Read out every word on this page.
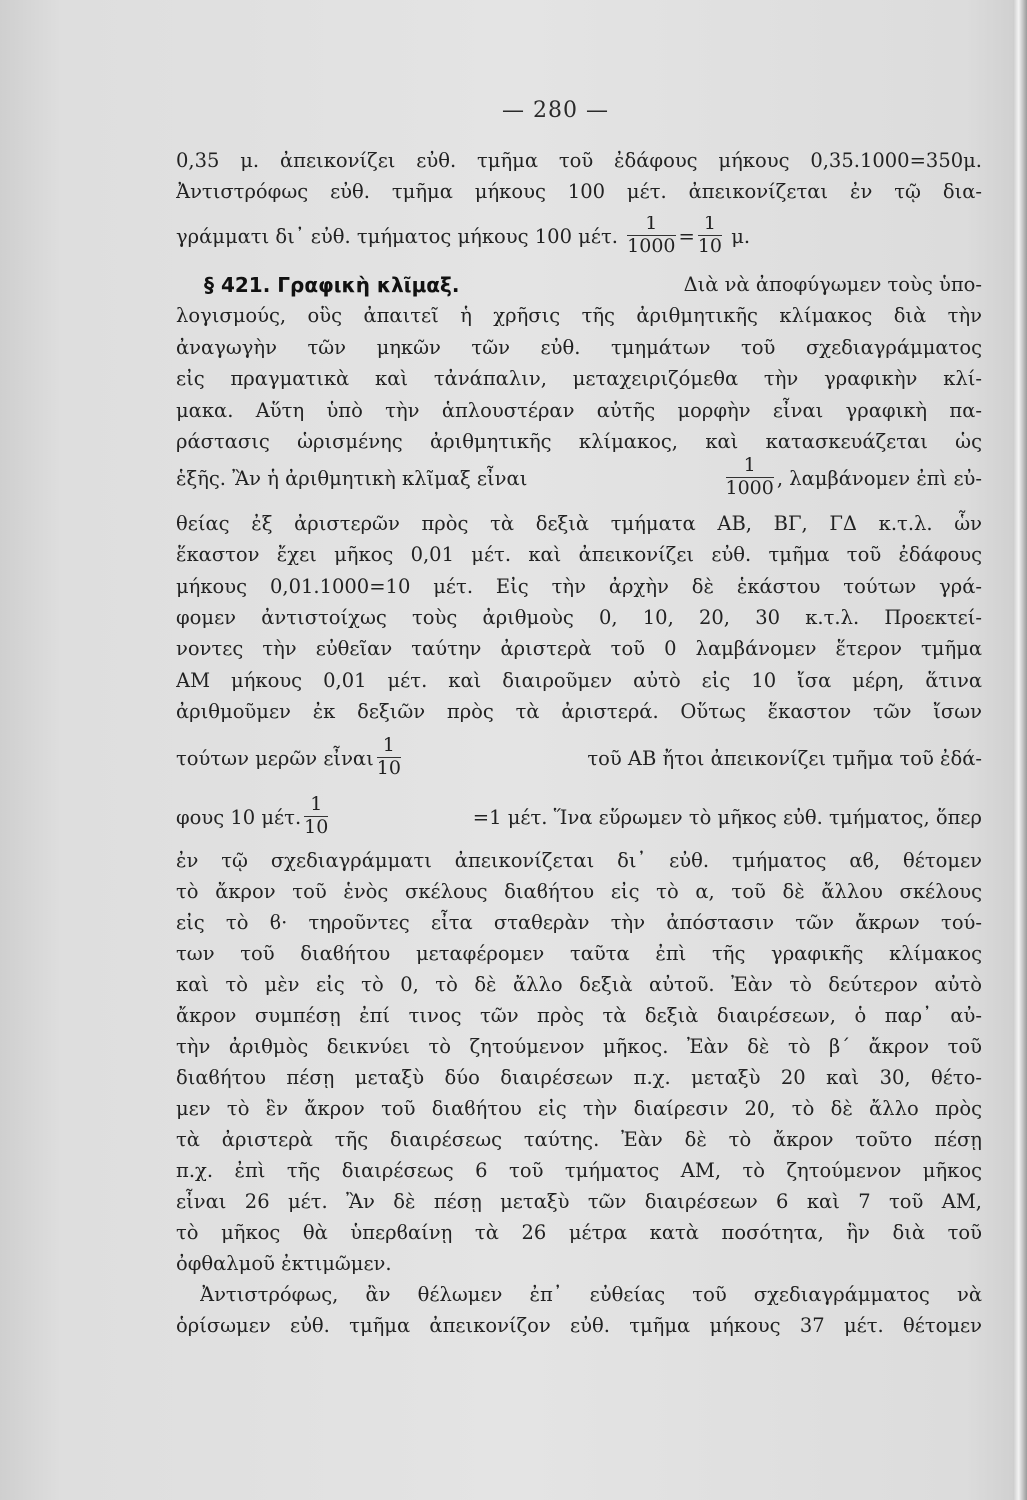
— 280 —
0,35 μ. ἀπεικονίζει εὐθ. τμῆμα τοῦ ἐδάφους μήκους 0,35.1000=350μ.
Ἀντιστρόφως εὐθ. τμῆμα μήκους 100 μέτ. ἀπεικονίζεται ἐν τῷ δια-
γράμματι δι᾽ εὐθ. τμήματος μήκους 100 μέτ. $\frac{1}{1000} = \frac{1}{10} \mu$.
§ 421. Γραφικὴ κλῖμαξ.	Διὰ νὰ ἀποφύγωμεν τοὺς ὑπο-
λογισμούς, οὓς ἀπαιτεῖ ἡ χρῆσις τῆς ἀριθμητικῆς κλίμακος διὰ τὴν
ἀναγωγὴν τῶν μηκῶν τῶν εὐθ. τμημάτων τοῦ σχεδιαγράμματος
εἰς πραγματικὰ καὶ τἀνάπαλιν, μεταχειριζόμεθα τὴν γραφικὴν κλί-
μακα. Αὕτη ὑπὸ τὴν ἁπλουστέραν αὐτῆς μορφὴν εἶναι γραφικὴ πα-
ράστασις ὡρισμένης ἀριθμητικῆς κλίμακος, καὶ κατασκευάζεται ὡς
ἑξῆς. Ἂν ἡ ἀριθμητικὴ κλῖμαξ εἶναι	$\frac{1}{1000}$ , λαμβάνομεν ἐπὶ εὐ-
θείας ἐξ ἀριστερῶν πρὸς τὰ δεξιὰ τμήματα ΑΒ, ΒΓ, ΓΔ κ.τ.λ. ὧν
ἕκαστον ἔχει μῆκος 0,01 μέτ. καὶ ἀπεικονίζει εὐθ. τμῆμα τοῦ ἐδάφους
μήκους 0,01.1000=10 μέτ. Εἰς τὴν ἀρχὴν δὲ ἑκάστου τούτων γρά-
φομεν ἀντιστοίχως τοὺς ἀριθμοὺς 0, 10, 20, 30 κ.τ.λ. Προεκτεί-
νοντες τὴν εὐθεῖαν ταύτην ἀριστερὰ τοῦ 0 λαμβάνομεν ἕτερον τμῆμα
ΑΜ μήκους 0,01 μέτ. καὶ διαιροῦμεν αὐτὸ εἰς 10 ἴσα μέρη, ἅτινα
ἀριθμοῦμεν ἐκ δεξιῶν πρὸς τὰ ἀριστερά. Οὕτως ἕκαστον τῶν ἴσων
τούτων μερῶν εἶναι $\frac{1}{10}$	τοῦ ΑΒ ἤτοι ἀπεικονίζει τμῆμα τοῦ ἐδά-
φους 10 μέτ. $\frac{1}{10}$	=1 μέτ. Ἵνα εὕρωμεν τὸ μῆκος εὐθ. τμήματος, ὅπερ
ἐν τῷ σχεδιαγράμματι ἀπεικονίζεται δι᾽ εὐθ. τμήματος αϐ, θέτομεν
τὸ ἄκρον τοῦ ἑνὸς σκέλους διαϐήτου εἰς τὸ α, τοῦ δὲ ἄλλου σκέλους
εἰς τὸ ϐ· τηροῦντες εἶτα σταθερὰν τὴν ἀπόστασιν τῶν ἄκρων τού-
των τοῦ διαϐήτου μεταφέρομεν ταῦτα ἐπὶ τῆς γραφικῆς κλίμακος
καὶ τὸ μὲν εἰς τὸ 0, τὸ δὲ ἄλλο δεξιὰ αὐτοῦ. Ἐὰν τὸ δεύτερον αὐτὸ
ἄκρον συμπέσῃ ἐπί τινος τῶν πρὸς τὰ δεξιὰ διαιρέσεων, ὁ παρ᾽ αὐ-
τὴν ἀριθμὸς δεικνύει τὸ ζητούμενον μῆκος. Ἐὰν δὲ τὸ β΄ ἄκρον τοῦ
διαϐήτου πέσῃ μεταξὺ δύο διαιρέσεων π.χ. μεταξὺ 20 καὶ 30, θέτο-
μεν τὸ ἓν ἄκρον τοῦ διαϐήτου εἰς τὴν διαίρεσιν 20, τὸ δὲ ἄλλο πρὸς
τὰ ἀριστερὰ τῆς διαιρέσεως ταύτης. Ἐὰν δὲ τὸ ἄκρον τοῦτο πέσῃ
π.χ. ἐπὶ τῆς διαιρέσεως 6 τοῦ τμήματος ΑΜ, τὸ ζητούμενον μῆκος
εἶναι 26 μέτ. Ἂν δὲ πέσῃ μεταξὺ τῶν διαιρέσεων 6 καὶ 7 τοῦ ΑΜ,
τὸ μῆκος θὰ ὑπερϐαίνῃ τὰ 26 μέτρα κατὰ ποσότητα, ἣν διὰ τοῦ
ὀφθαλμοῦ ἐκτιμῶμεν.
Ἀντιστρόφως, ἂν θέλωμεν ἐπ᾽ εὐθείας τοῦ σχεδιαγράμματος νὰ
ὁρίσωμεν εὐθ. τμῆμα ἀπεικονίζον εὐθ. τμῆμα μήκους 37 μέτ. θέτομεν
